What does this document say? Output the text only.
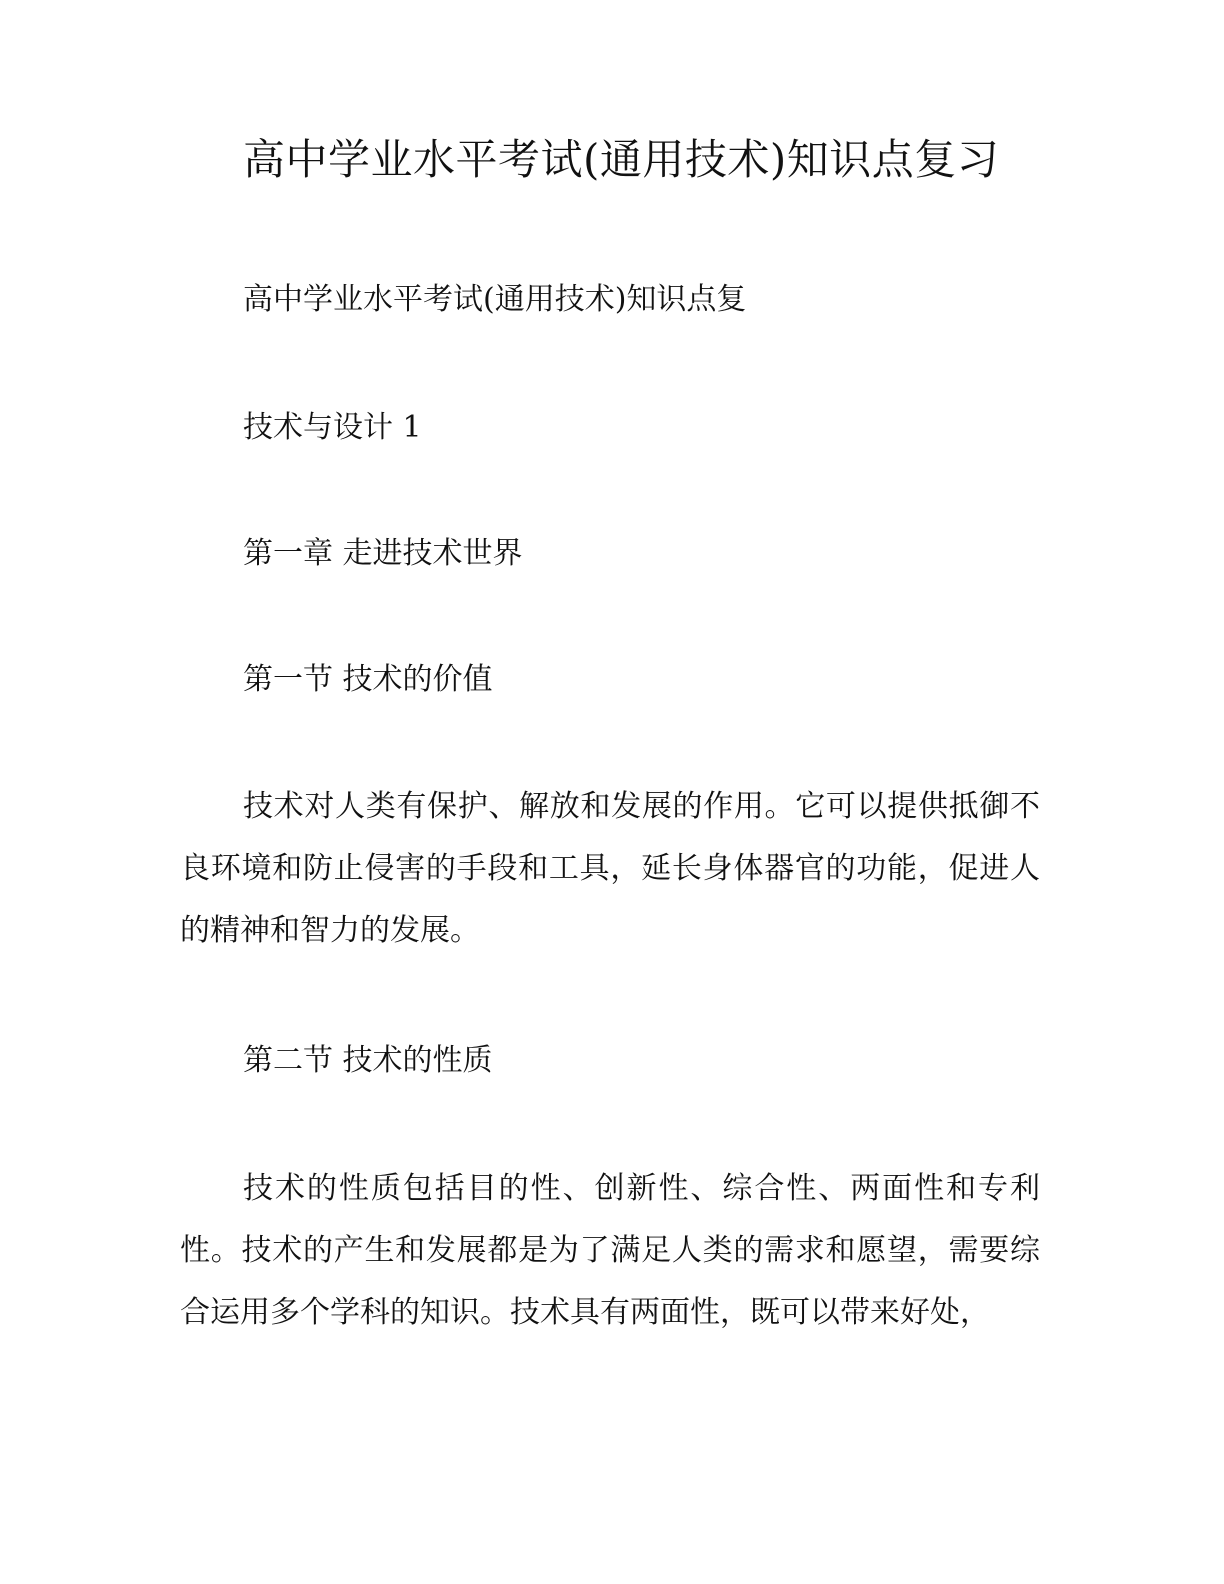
高中学业水平考试(通用技术)知识点复习
高中学业水平考试(通用技术)知识点复
技术与设计 1
第一章 走进技术世界
第一节 技术的价值
技术对人类有保护、解放和发展的作用。它可以提供抵御不良环境和防止侵害的手段和工具，延长身体器官的功能，促进人的精神和智力的发展。
第二节 技术的性质
技术的性质包括目的性、创新性、综合性、两面性和专利性。技术的产生和发展都是为了满足人类的需求和愿望，需要综合运用多个学科的知识。技术具有两面性，既可以带来好处，
